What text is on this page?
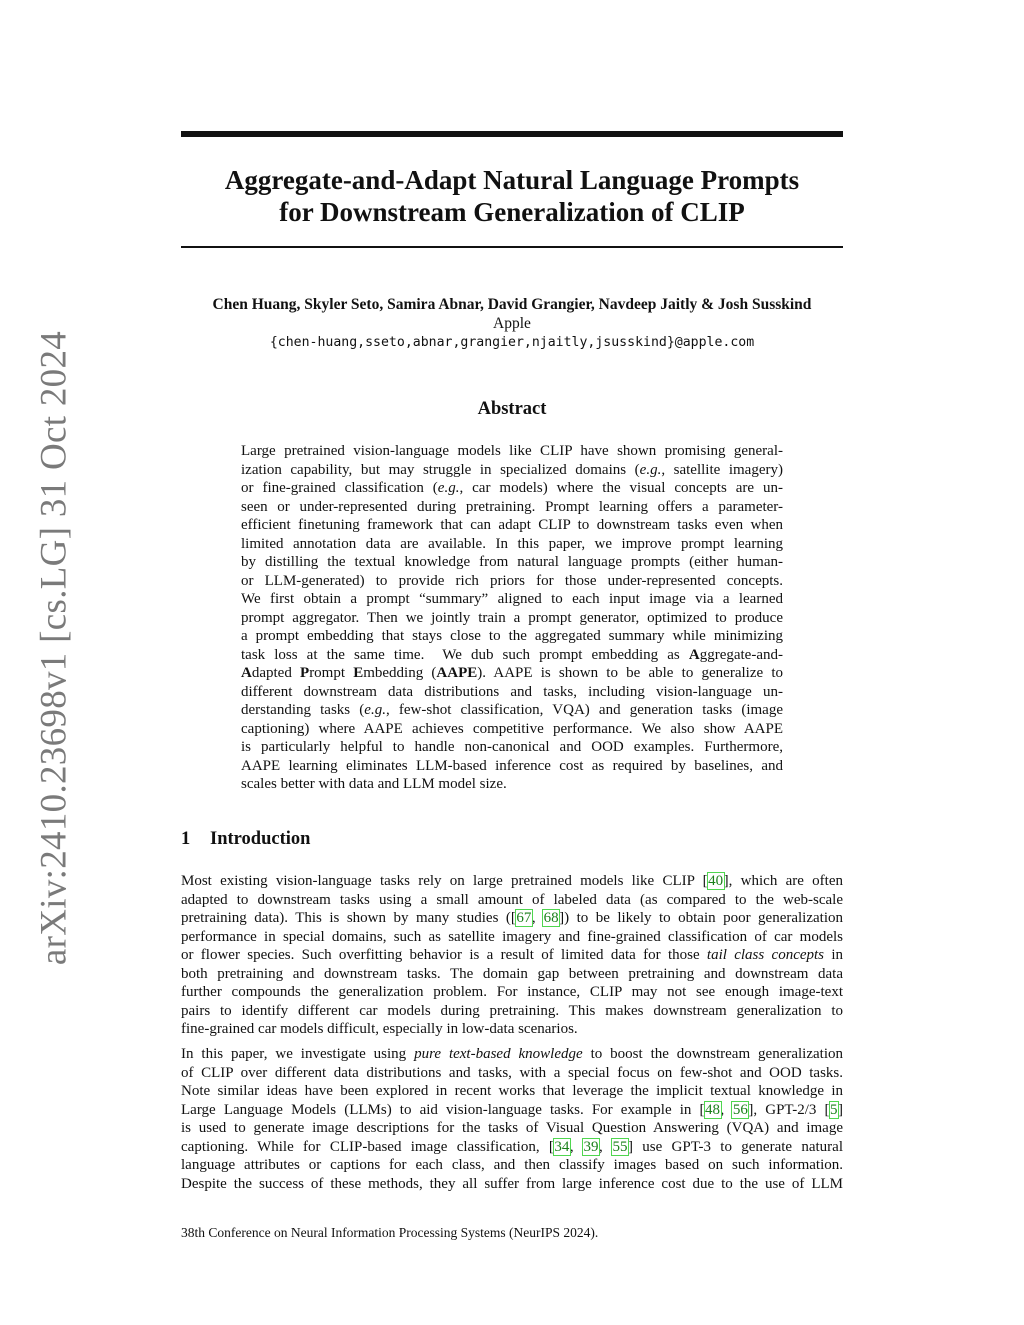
arXiv:2410.23698v1 [cs.LG] 31 Oct 2024
Aggregate-and-Adapt Natural Language Prompts
for Downstream Generalization of CLIP
Chen Huang, Skyler Seto, Samira Abnar, David Grangier, Navdeep Jaitly & Josh Susskind
Apple
{chen-huang,sseto,abnar,grangier,njaitly,jsusskind}@apple.com
Abstract
Large pretrained vision-language models like CLIP have shown promising general-
ization capability, but may struggle in specialized domains (e.g., satellite imagery)
or fine-grained classification (e.g., car models) where the visual concepts are un-
seen or under-represented during pretraining. Prompt learning offers a parameter-
efficient finetuning framework that can adapt CLIP to downstream tasks even when
limited annotation data are available. In this paper, we improve prompt learning
by distilling the textual knowledge from natural language prompts (either human-
or LLM-generated) to provide rich priors for those under-represented concepts.
We first obtain a prompt “summary” aligned to each input image via a learned
prompt aggregator. Then we jointly train a prompt generator, optimized to produce
a prompt embedding that stays close to the aggregated summary while minimizing
task loss at the same time.  We dub such prompt embedding as Aggregate-and-
Adapted Prompt Embedding (AAPE). AAPE is shown to be able to generalize to
different downstream data distributions and tasks, including vision-language un-
derstanding tasks (e.g., few-shot classification, VQA) and generation tasks (image
captioning) where AAPE achieves competitive performance. We also show AAPE
is particularly helpful to handle non-canonical and OOD examples. Furthermore,
AAPE learning eliminates LLM-based inference cost as required by baselines, and
scales better with data and LLM model size.
1 Introduction
Most existing vision-language tasks rely on large pretrained models like CLIP [40], which are often
adapted to downstream tasks using a small amount of labeled data (as compared to the web-scale
pretraining data). This is shown by many studies ([67, 68]) to be likely to obtain poor generalization
performance in special domains, such as satellite imagery and fine-grained classification of car models
or flower species. Such overfitting behavior is a result of limited data for those tail class concepts in
both pretraining and downstream tasks. The domain gap between pretraining and downstream data
further compounds the generalization problem. For instance, CLIP may not see enough image-text
pairs to identify different car models during pretraining. This makes downstream generalization to
fine-grained car models difficult, especially in low-data scenarios.
In this paper, we investigate using pure text-based knowledge to boost the downstream generalization
of CLIP over different data distributions and tasks, with a special focus on few-shot and OOD tasks.
Note similar ideas have been explored in recent works that leverage the implicit textual knowledge in
Large Language Models (LLMs) to aid vision-language tasks. For example in [48, 56], GPT-2/3 [5]
is used to generate image descriptions for the tasks of Visual Question Answering (VQA) and image
captioning. While for CLIP-based image classification, [34, 39, 55] use GPT-3 to generate natural
language attributes or captions for each class, and then classify images based on such information.
Despite the success of these methods, they all suffer from large inference cost due to the use of LLM
38th Conference on Neural Information Processing Systems (NeurIPS 2024).
